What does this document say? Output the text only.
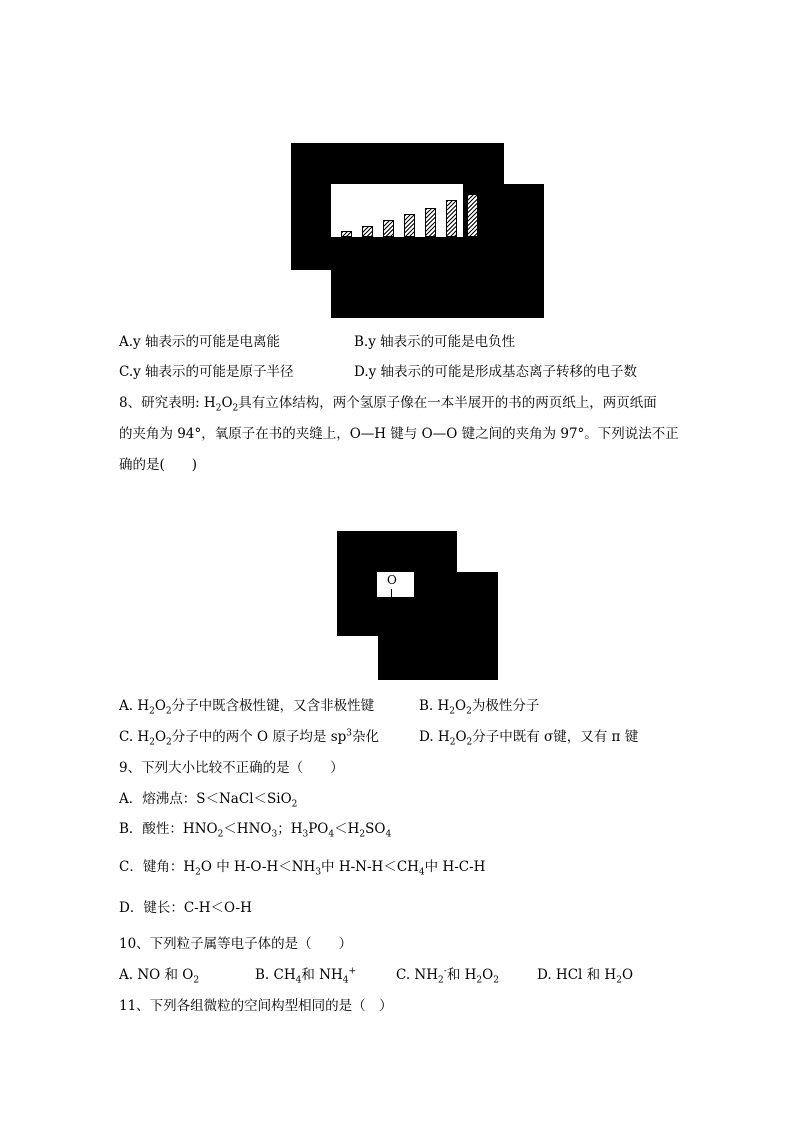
A.y 轴表示的可能是电离能	B.y 轴表示的可能是电负性
C.y 轴表示的可能是原子半径	D.y 轴表示的可能是形成基态离子转移的电子数
8、研究表明: $H_2O_2$具有立体结构，两个氢原子像在一本半展开的书的两页纸上，两页纸面
的夹角为 94°，氧原子在书的夹缝上，O—H 键与 O—O 键之间的夹角为 97°。下列说法不正
确的是(　　)
O
A. $H_2O_2$分子中既含极性键，又含非极性键	B. $H_2O_2$为极性分子
C. $H_2O_2$分子中的两个 O 原子均是 $sp^3$杂化	D. $H_2O_2$分子中既有 σ键，又有 π 键
9、下列大小比较不正确的是（　　）
A．熔沸点：S＜NaCl＜SiO$_2$
B．酸性：$HNO_2<HNO_3$；$H_3PO_4<H_2SO_4$
C．键角：$H_2O$ 中 $H-O-H<NH_3$中 $H-N-H<CH_4$中 H-C-H
D．键长：C-H＜O-H
10、下列粒子属等电子体的是（　　）
A. NO 和 $O_2$	B. $CH_4$和 $NH_4^+$	C. $NH_2^-$和 $H_2O_2$	D. HCl 和 $H_2O$
11、下列各组微粒的空间构型相同的是（　）
